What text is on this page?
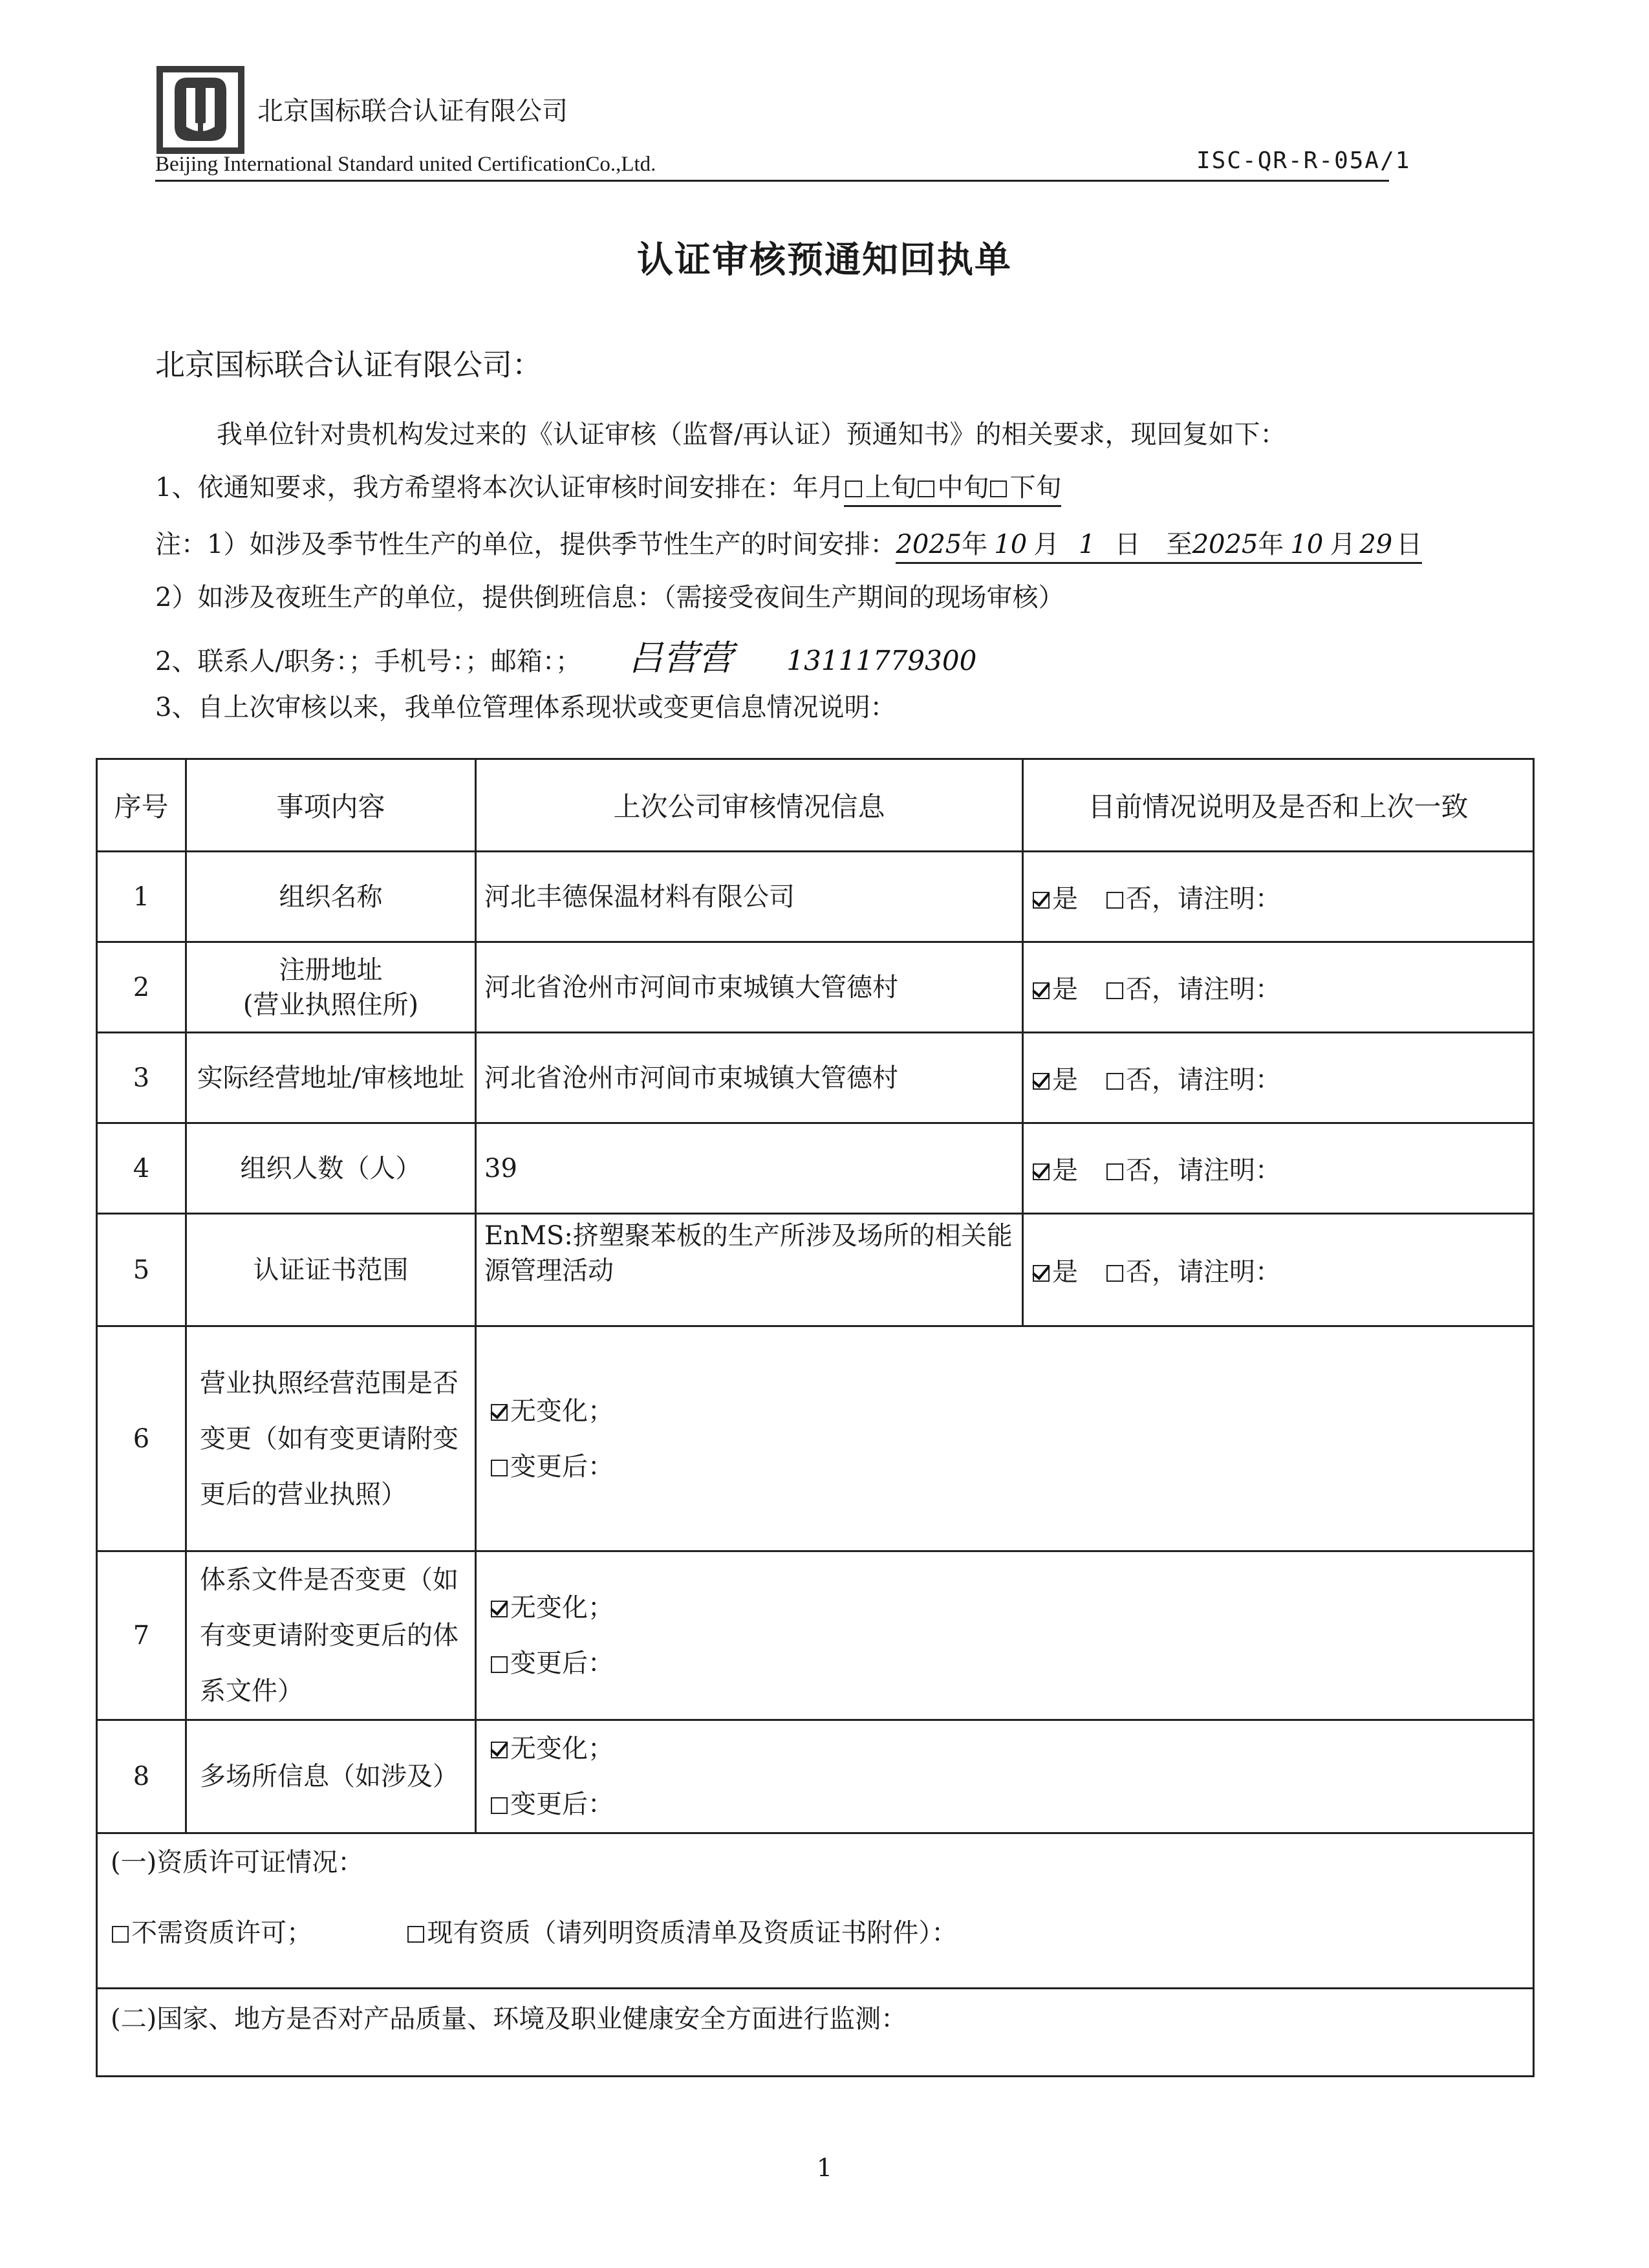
北京国标联合认证有限公司
Beijing International Standard united CertificationCo.,Ltd.	ISC-QR-R-05A/1
认证审核预通知回执单
北京国标联合认证有限公司：
我单位针对贵机构发过来的《认证审核（监督/再认证）预通知书》的相关要求，现回复如下：
1、依通知要求，我方希望将本次认证审核时间安排在：年月 上旬 中旬 下旬
注：1）如涉及季节性生产的单位，提供季节性生产的时间安排：2025年 10 月 1 日 至2025年 10 月 29 日
2）如涉及夜班生产的单位，提供倒班信息：（需接受夜间生产期间的现场审核）
2、联系人/职务：；手机号：；邮箱：； 吕营营 13111779300
3、自上次审核以来，我单位管理体系现状或变更信息情况说明：
序号	事项内容	上次公司审核情况信息	目前情况说明及是否和上次一致
1	组织名称	河北丰德保温材料有限公司	是 否，请注明：
2	注册地址
(营业执照住所)	河北省沧州市河间市束城镇大管德村	是 否，请注明：
3	实际经营地址/审核地址	河北省沧州市河间市束城镇大管德村	是 否，请注明：
4	组织人数（人）	39	是 否，请注明：
5	认证证书范围	EnMS:挤塑聚苯板的生产所涉及场所的相关能源管理活动	是 否，请注明：
6	营业执照经营范围是否变更（如有变更请附变更后的营业执照）	无变化；
变更后：	

7	体系文件是否变更（如有变更请附变更后的体系文件）	无变化；
变更后：	

8	多场所信息（如涉及）	无变化；
变更后：	

(一)资质许可证情况：
不需资质许可； 现有资质（请列明资质清单及资质证书附件）：			

(二)国家、地方是否对产品质量、环境及职业健康安全方面进行监测：			
1
